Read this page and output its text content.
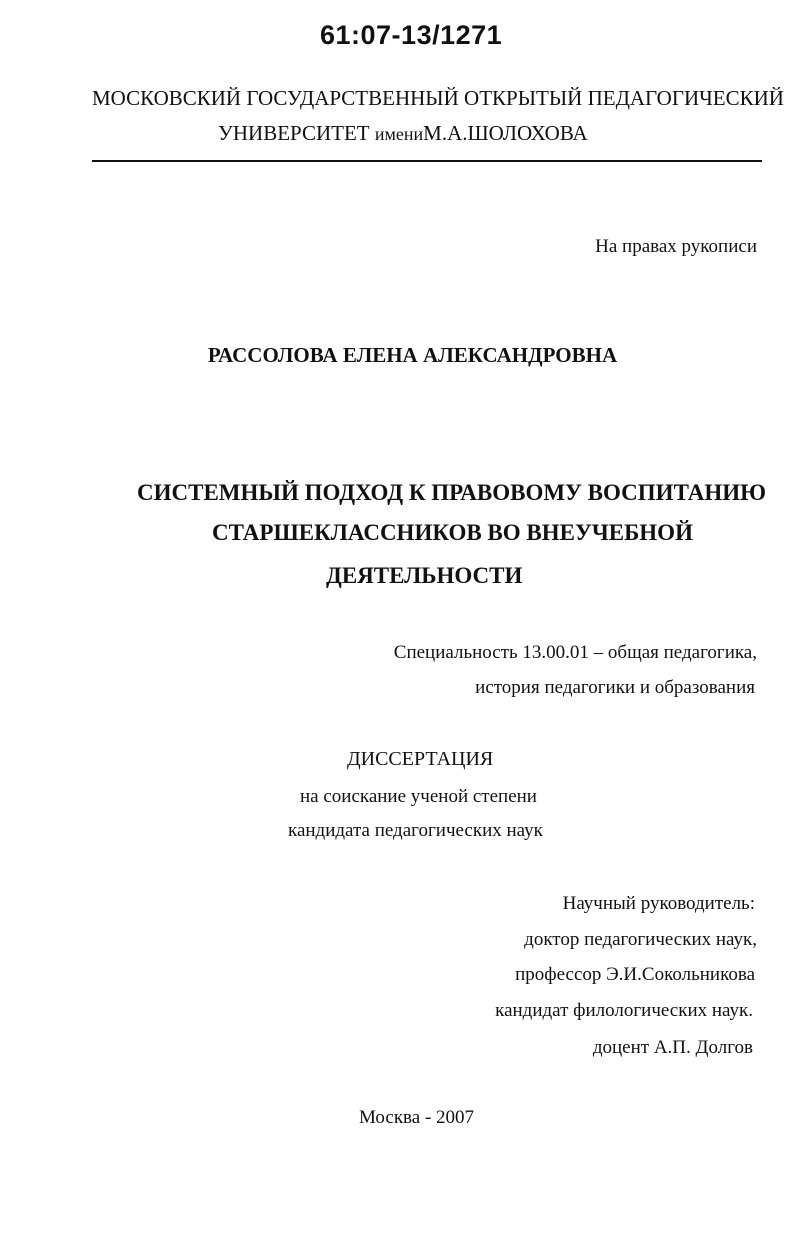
61:07-13/1271
МОСКОВСКИЙ ГОСУДАРСТВЕННЫЙ ОТКРЫТЫЙ ПЕДАГОГИЧЕСКИЙ
УНИВЕРСИТЕТ имениМ.А.ШОЛОХОВА
На правах рукописи
РАССОЛОВА ЕЛЕНА АЛЕКСАНДРОВНА
СИСТЕМНЫЙ ПОДХОД К ПРАВОВОМУ ВОСПИТАНИЮ
СТАРШЕКЛАССНИКОВ ВО ВНЕУЧЕБНОЙ
ДЕЯТЕЛЬНОСТИ
Специальность 13.00.01 – общая педагогика,
история педагогики и образования
ДИССЕРТАЦИЯ
на соискание ученой степени
кандидата педагогических наук
Научный руководитель:
доктор педагогических наук,
профессор Э.И.Сокольникова
кандидат филологических наук.
доцент А.П. Долгов
Москва - 2007
